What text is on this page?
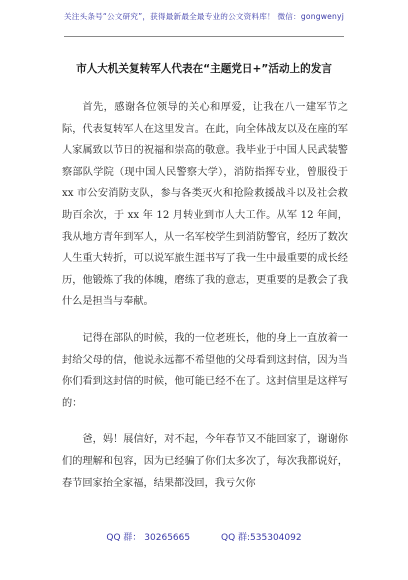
关注头条号“公文研究”，获得最新最全最专业的公文资料库！ 微信：gongwenyj
市人大机关复转军人代表在“主题党日+”活动上的发言

首先，感谢各位领导的关心和厚爱，让我在八一建军节之际，代表复转军人在这里发言。在此，向全体战友以及在座的军人家属致以节日的祝福和崇高的敬意。我毕业于中国人民武装警察部队学院（现中国人民警察大学），消防指挥专业，曾服役于 xx 市公安消防支队，参与各类灭火和抢险救援战斗以及社会救助百余次，于 xx 年 12 月转业到市人大工作。从军 12 年间，我从地方青年到军人，从一名军校学生到消防警官，经历了数次人生重大转折，可以说军旅生涯书写了我一生中最重要的成长经历，他锻炼了我的体魄，磨练了我的意志，更重要的是教会了我什么是担当与奉献。

记得在部队的时候，我的一位老班长，他的身上一直放着一封给父母的信，他说永远都不希望他的父母看到这封信，因为当你们看到这封信的时候，他可能已经不在了。这封信里是这样写的：

爸，妈！展信好，对不起，今年春节又不能回家了，谢谢你们的理解和包容，因为已经骗了你们太多次了，每次我都说好，春节回家抬全家福，结果都没回，我亏欠你

QQ 群： 30265665	QQ 群:535304092
